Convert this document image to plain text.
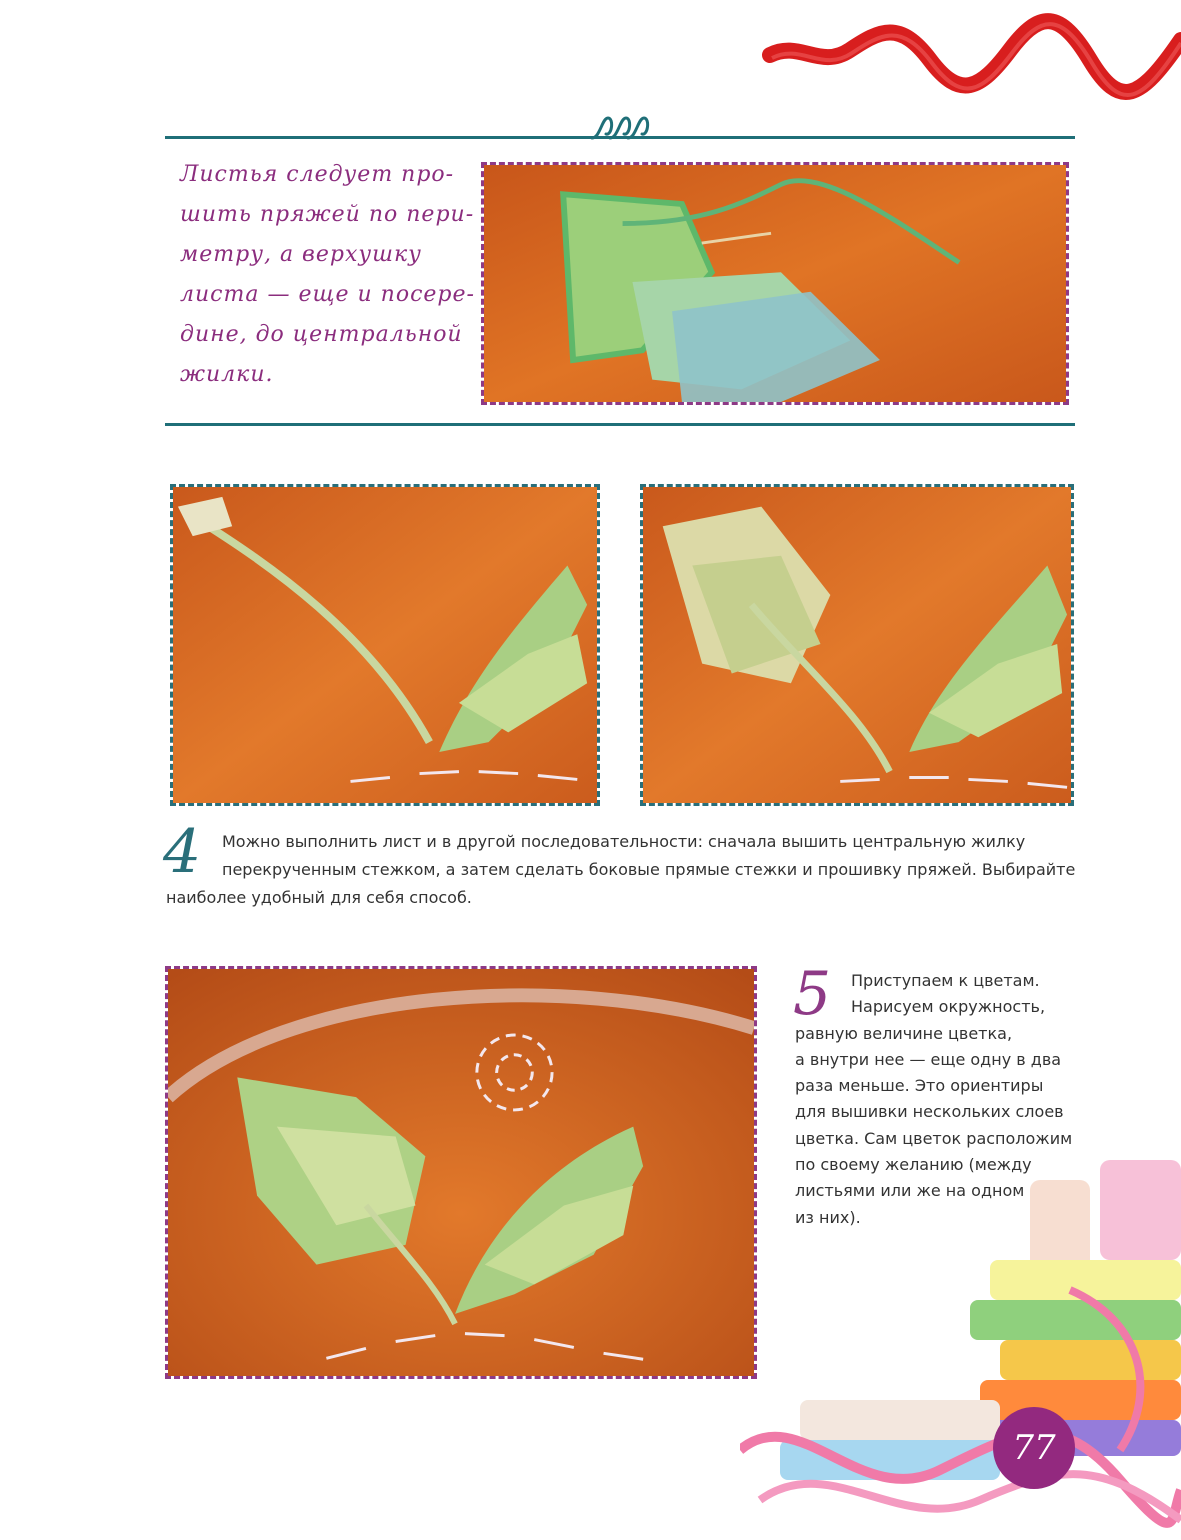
Листья следует про-
шить пряжей по пери-
метру, а верхушку
листа — еще и посере-
дине, до центральной
жилки.
4	Можно выполнить лист и в другой последовательности: сначала вышить центральную жилку
перекрученным стежком, а затем сделать боковые прямые стежки и прошивку пряжей. Выбирайте
наиболее удобный для себя способ.
5	Приступаем к цветам.
Нарисуем окружность,
равную величине цветка,
а внутри нее — еще одну в два
раза меньше. Это ориентиры
для вышивки нескольких слоев
цветка. Сам цветок расположим
по своему желанию (между
листьями или же на одном
из них).
77
